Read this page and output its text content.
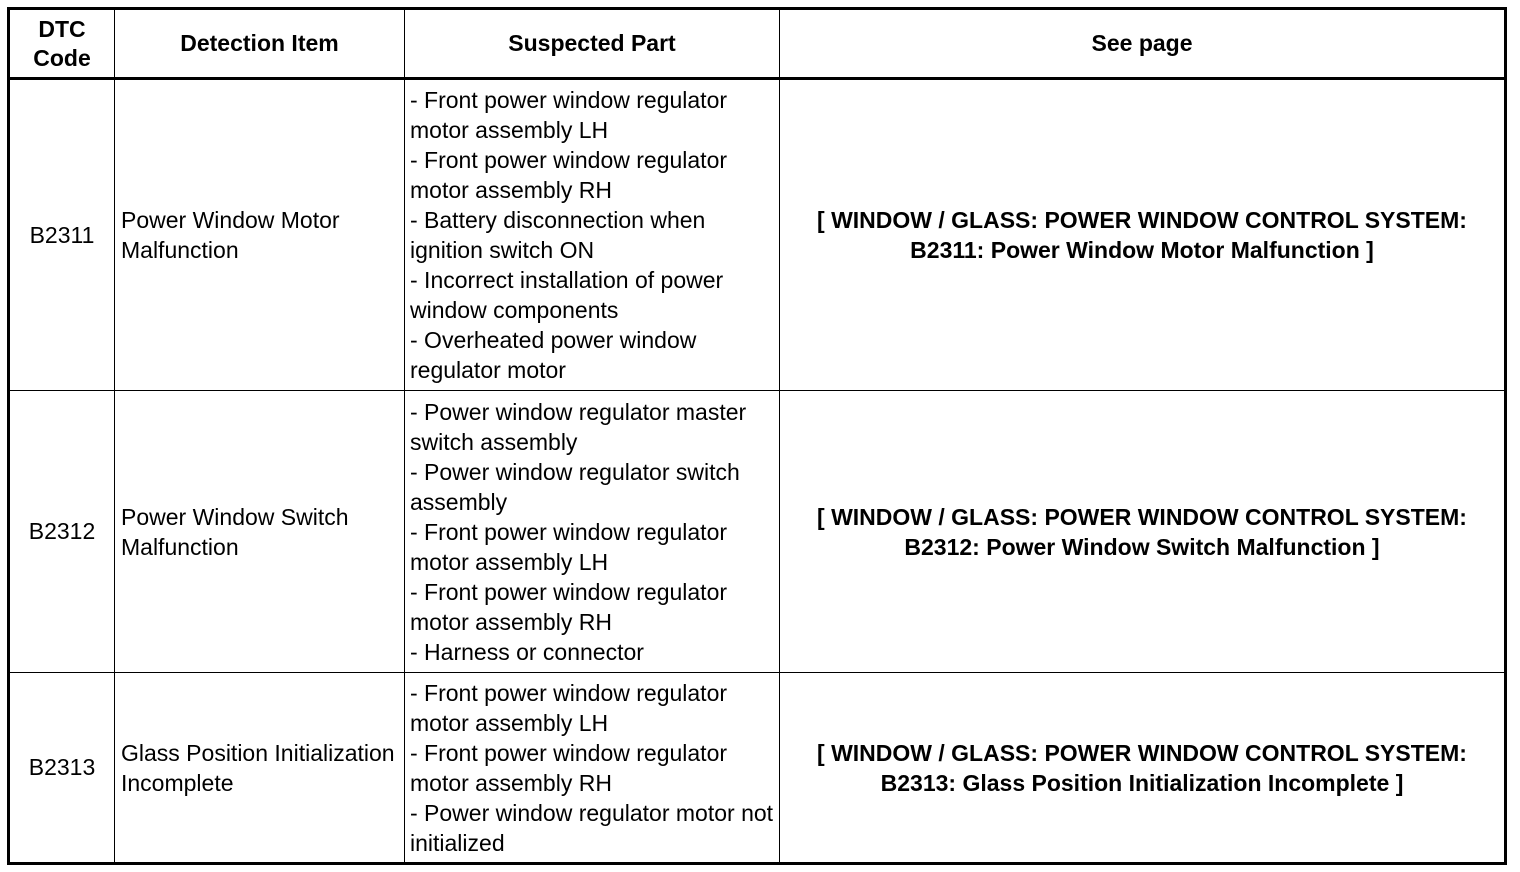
DTC Code	Detection Item	Suspected Part	See page
B2311	Power Window Motor Malfunction	- Front power window regulator motor assembly LH
- Front power window regulator motor assembly RH
- Battery disconnection when ignition switch ON
- Incorrect installation of power window components
- Overheated power window regulator motor	[ WINDOW / GLASS: POWER WINDOW CONTROL SYSTEM: B2311: Power Window Motor Malfunction ]
B2312	Power Window Switch Malfunction	- Power window regulator master switch assembly
- Power window regulator switch assembly
- Front power window regulator motor assembly LH
- Front power window regulator motor assembly RH
- Harness or connector	[ WINDOW / GLASS: POWER WINDOW CONTROL SYSTEM: B2312: Power Window Switch Malfunction ]
B2313	Glass Position Initialization Incomplete	- Front power window regulator motor assembly LH
- Front power window regulator motor assembly RH
- Power window regulator motor not initialized	[ WINDOW / GLASS: POWER WINDOW CONTROL SYSTEM: B2313: Glass Position Initialization Incomplete ]
